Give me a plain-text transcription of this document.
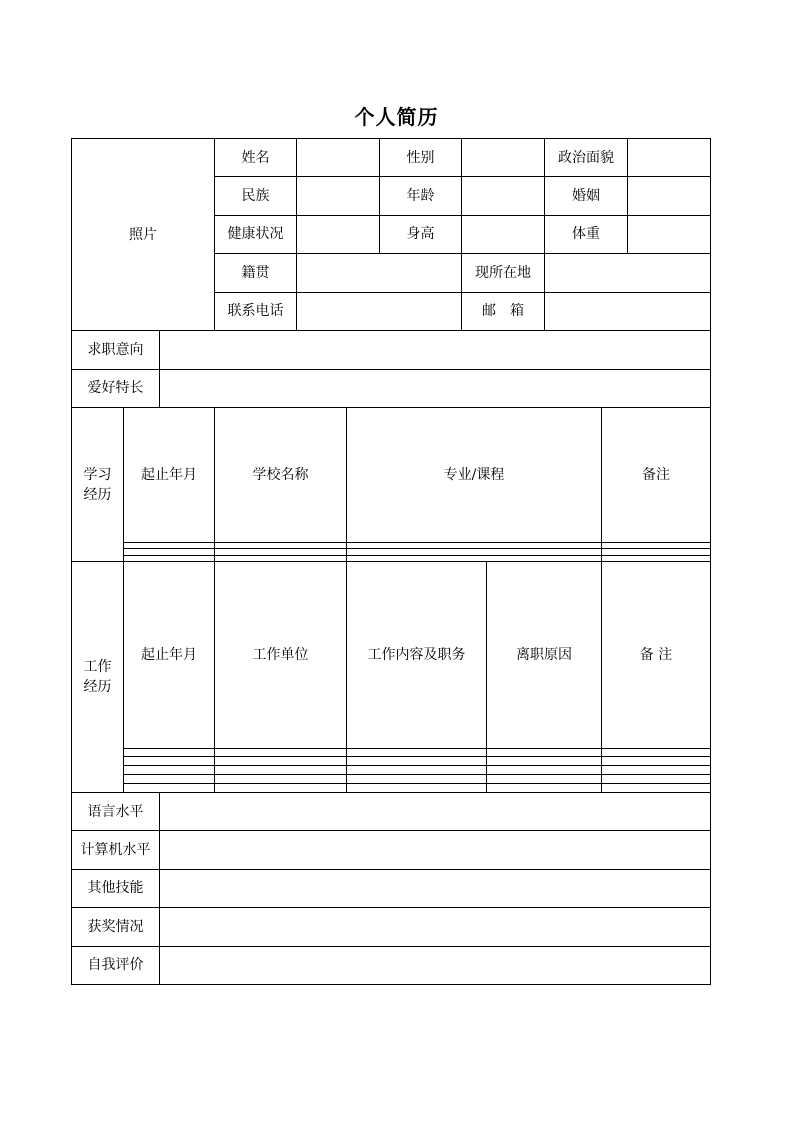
个人简历
照片	姓名		性别		政治面貌	
	民族		年龄		婚姻	
	健康状况		身高		体重	
	籍贯			现所在地		
	联系电话			邮　箱		
求职意向	
爱好特长	
学习
经历	起止年月	学校名称	专业/课程	备注

工作
经历	起止年月	工作单位	工作内容及职务	离职原因	备 注

语言水平	
计算机水平	
其他技能	
获奖情况	
自我评价	
